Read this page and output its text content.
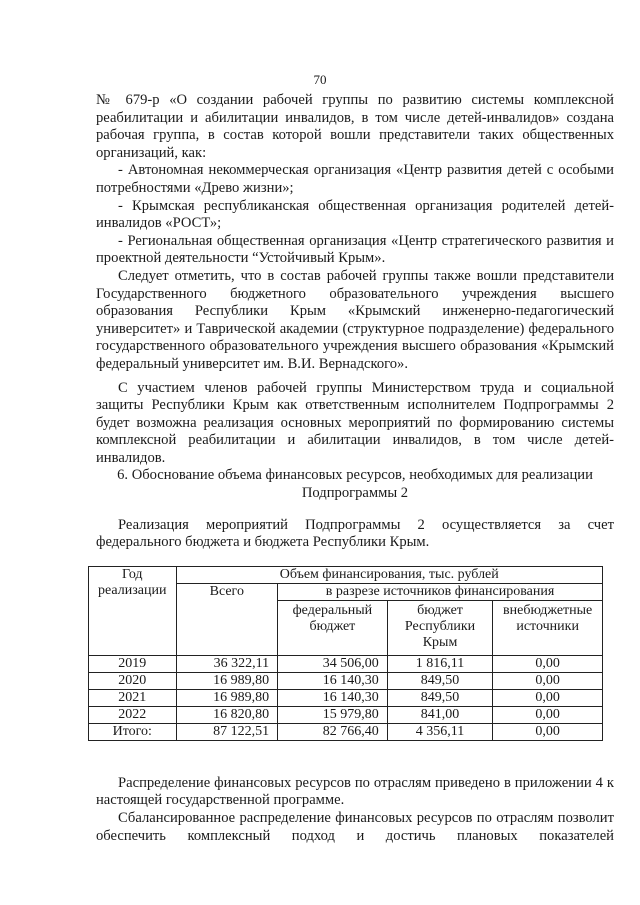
70

№ 679-р «О создании рабочей группы по развитию системы комплексной реабилитации и абилитации инвалидов, в том числе детей-инвалидов» создана рабочая группа, в состав которой вошли представители таких общественных организаций, как:

- Автономная некоммерческая организация «Центр развития детей с особыми потребностями «Древо жизни»;

- Крымская республиканская общественная организация родителей детей-инвалидов «РОСТ»;

- Региональная общественная организация «Центр стратегического развития и проектной деятельности “Устойчивый Крым».

Следует отметить, что в состав рабочей группы также вошли представители Государственного бюджетного образовательного учреждения высшего образования Республики Крым «Крымский инженерно-педагогический университет» и Таврической академии (структурное подразделение) федерального государственного образовательного учреждения высшего образования «Крымский федеральный университет им. В.И. Вернадского».

С участием членов рабочей группы Министерством труда и социальной защиты Республики Крым как ответственным исполнителем Подпрограммы 2 будет возможна реализация основных мероприятий по формированию системы комплексной реабилитации и абилитации инвалидов, в том числе детей-инвалидов.

6. Обоснование объема финансовых ресурсов, необходимых для реализации

Подпрограммы 2

Реализация мероприятий Подпрограммы 2 осуществляется за счет федерального бюджета и бюджета Республики Крым.

Год реализации	Объем финансирования, тыс. рублей			
	Всего	в разрезе источников финансирования		
		федеральный бюджет	бюджет Республики Крым	внебюджетные источники
2019	36 322,11	34 506,00	1 816,11	0,00
2020	16 989,80	16 140,30	849,50	0,00
2021	16 989,80	16 140,30	849,50	0,00
2022	16 820,80	15 979,80	841,00	0,00
Итого:	87 122,51	82 766,40	4 356,11	0,00

Распределение финансовых ресурсов по отраслям приведено в приложении 4 к настоящей государственной программе.

Сбалансированное распределение финансовых ресурсов по отраслям позволит обеспечить комплексный подход и достичь плановых показателей
